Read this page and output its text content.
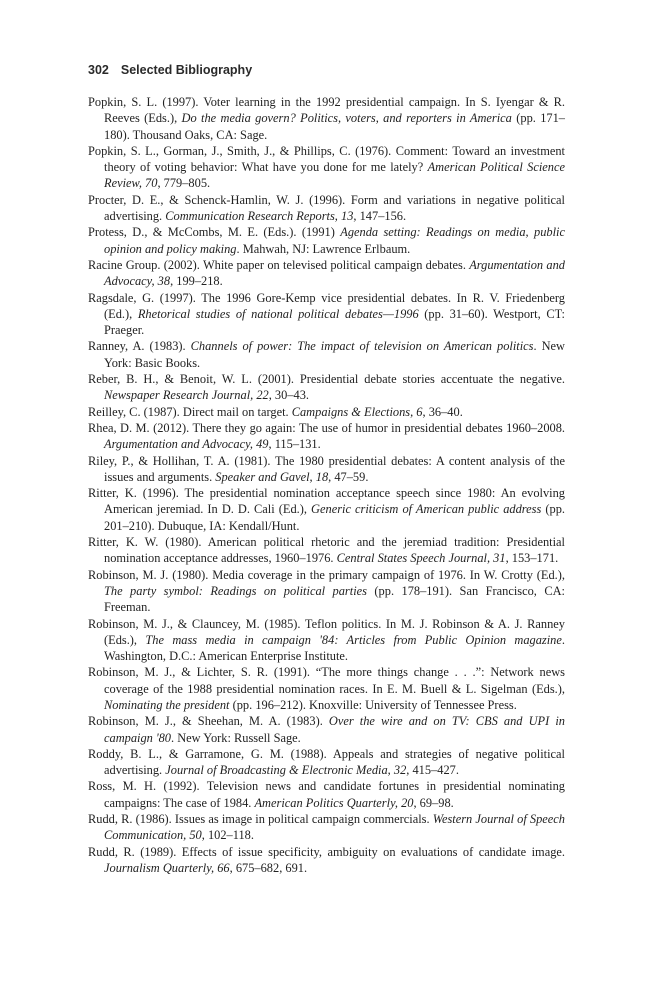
302 Selected Bibliography

Popkin, S. L. (1997). Voter learning in the 1992 presidential campaign. In S. Iyengar & R. Reeves (Eds.), Do the media govern? Politics, voters, and reporters in America (pp. 171–180). Thousand Oaks, CA: Sage.

Popkin, S. L., Gorman, J., Smith, J., & Phillips, C. (1976). Comment: Toward an investment theory of voting behavior: What have you done for me lately? American Political Science Review, 70, 779–805.

Procter, D. E., & Schenck-Hamlin, W. J. (1996). Form and variations in negative political advertising. Communication Research Reports, 13, 147–156.

Protess, D., & McCombs, M. E. (Eds.). (1991) Agenda setting: Readings on media, public opinion and policy making. Mahwah, NJ: Lawrence Erlbaum.

Racine Group. (2002). White paper on televised political campaign debates. Argumentation and Advocacy, 38, 199–218.

Ragsdale, G. (1997). The 1996 Gore-Kemp vice presidential debates. In R. V. Friedenberg (Ed.), Rhetorical studies of national political debates—1996 (pp. 31–60). Westport, CT: Praeger.

Ranney, A. (1983). Channels of power: The impact of television on American politics. New York: Basic Books.

Reber, B. H., & Benoit, W. L. (2001). Presidential debate stories accentuate the negative. Newspaper Research Journal, 22, 30–43.

Reilley, C. (1987). Direct mail on target. Campaigns & Elections, 6, 36–40.

Rhea, D. M. (2012). There they go again: The use of humor in presidential debates 1960–2008. Argumentation and Advocacy, 49, 115–131.

Riley, P., & Hollihan, T. A. (1981). The 1980 presidential debates: A content analysis of the issues and arguments. Speaker and Gavel, 18, 47–59.

Ritter, K. (1996). The presidential nomination acceptance speech since 1980: An evolving American jeremiad. In D. D. Cali (Ed.), Generic criticism of American public address (pp. 201–210). Dubuque, IA: Kendall/Hunt.

Ritter, K. W. (1980). American political rhetoric and the jeremiad tradition: Presidential nomination acceptance addresses, 1960–1976. Central States Speech Journal, 31, 153–171.

Robinson, M. J. (1980). Media coverage in the primary campaign of 1976. In W. Crotty (Ed.), The party symbol: Readings on political parties (pp. 178–191). San Francisco, CA: Freeman.

Robinson, M. J., & Clauncey, M. (1985). Teflon politics. In M. J. Robinson & A. J. Ranney (Eds.), The mass media in campaign '84: Articles from Public Opinion magazine. Washington, D.C.: American Enterprise Institute.

Robinson, M. J., & Lichter, S. R. (1991). “The more things change . . .”: Network news coverage of the 1988 presidential nomination races. In E. M. Buell & L. Sigelman (Eds.), Nominating the president (pp. 196–212). Knoxville: University of Tennessee Press.

Robinson, M. J., & Sheehan, M. A. (1983). Over the wire and on TV: CBS and UPI in campaign '80. New York: Russell Sage.

Roddy, B. L., & Garramone, G. M. (1988). Appeals and strategies of negative political advertising. Journal of Broadcasting & Electronic Media, 32, 415–427.

Ross, M. H. (1992). Television news and candidate fortunes in presidential nominating campaigns: The case of 1984. American Politics Quarterly, 20, 69–98.

Rudd, R. (1986). Issues as image in political campaign commercials. Western Journal of Speech Communication, 50, 102–118.

Rudd, R. (1989). Effects of issue specificity, ambiguity on evaluations of candidate image. Journalism Quarterly, 66, 675–682, 691.
